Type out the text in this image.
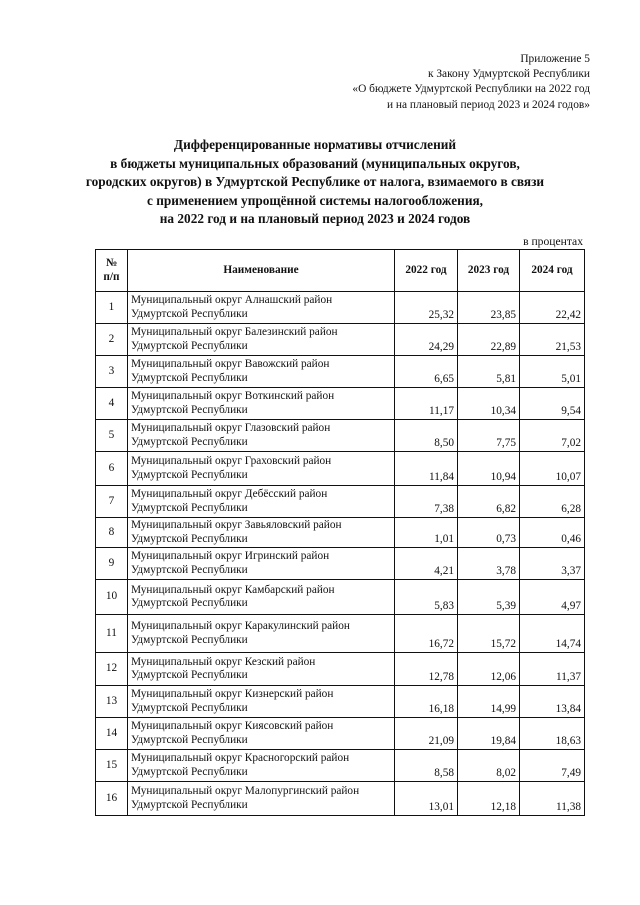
Приложение 5
к Закону Удмуртской Республики
«О бюджете Удмуртской Республики на 2022 год
и на плановый период 2023 и 2024 годов»
Дифференцированные нормативы отчислений
в бюджеты муниципальных образований (муниципальных округов,
городских округов) в Удмуртской Республике от налога, взимаемого в связи
с применением упрощённой системы налогообложения,
на 2022 год и на плановый период 2023 и 2024 годов
в процентах
№
п/п	Наименование	2022 год	2023 год	2024 год
1	Муниципальный округ Алнашский район
Удмуртской Республики	25,32	23,85	22,42
2	Муниципальный округ Балезинский район
Удмуртской Республики	24,29	22,89	21,53
3	Муниципальный округ Вавожский район
Удмуртской Республики	6,65	5,81	5,01
4	Муниципальный округ Воткинский район
Удмуртской Республики	11,17	10,34	9,54
5	Муниципальный округ Глазовский район
Удмуртской Республики	8,50	7,75	7,02
6	Муниципальный округ Граховский район
Удмуртской Республики	11,84	10,94	10,07
7	Муниципальный округ Дебёсский район
Удмуртской Республики	7,38	6,82	6,28
8	Муниципальный округ Завьяловский район
Удмуртской Республики	1,01	0,73	0,46
9	Муниципальный округ Игринский район
Удмуртской Республики	4,21	3,78	3,37
10	Муниципальный округ Камбарский район
Удмуртской Республики	5,83	5,39	4,97
11	Муниципальный округ Каракулинский район
Удмуртской Республики	16,72	15,72	14,74
12	Муниципальный округ Кезский район
Удмуртской Республики	12,78	12,06	11,37
13	Муниципальный округ Кизнерский район
Удмуртской Республики	16,18	14,99	13,84
14	Муниципальный округ Киясовский район
Удмуртской Республики	21,09	19,84	18,63
15	Муниципальный округ Красногорский район
Удмуртской Республики	8,58	8,02	7,49
16	Муниципальный округ Малопургинский район
Удмуртской Республики	13,01	12,18	11,38
